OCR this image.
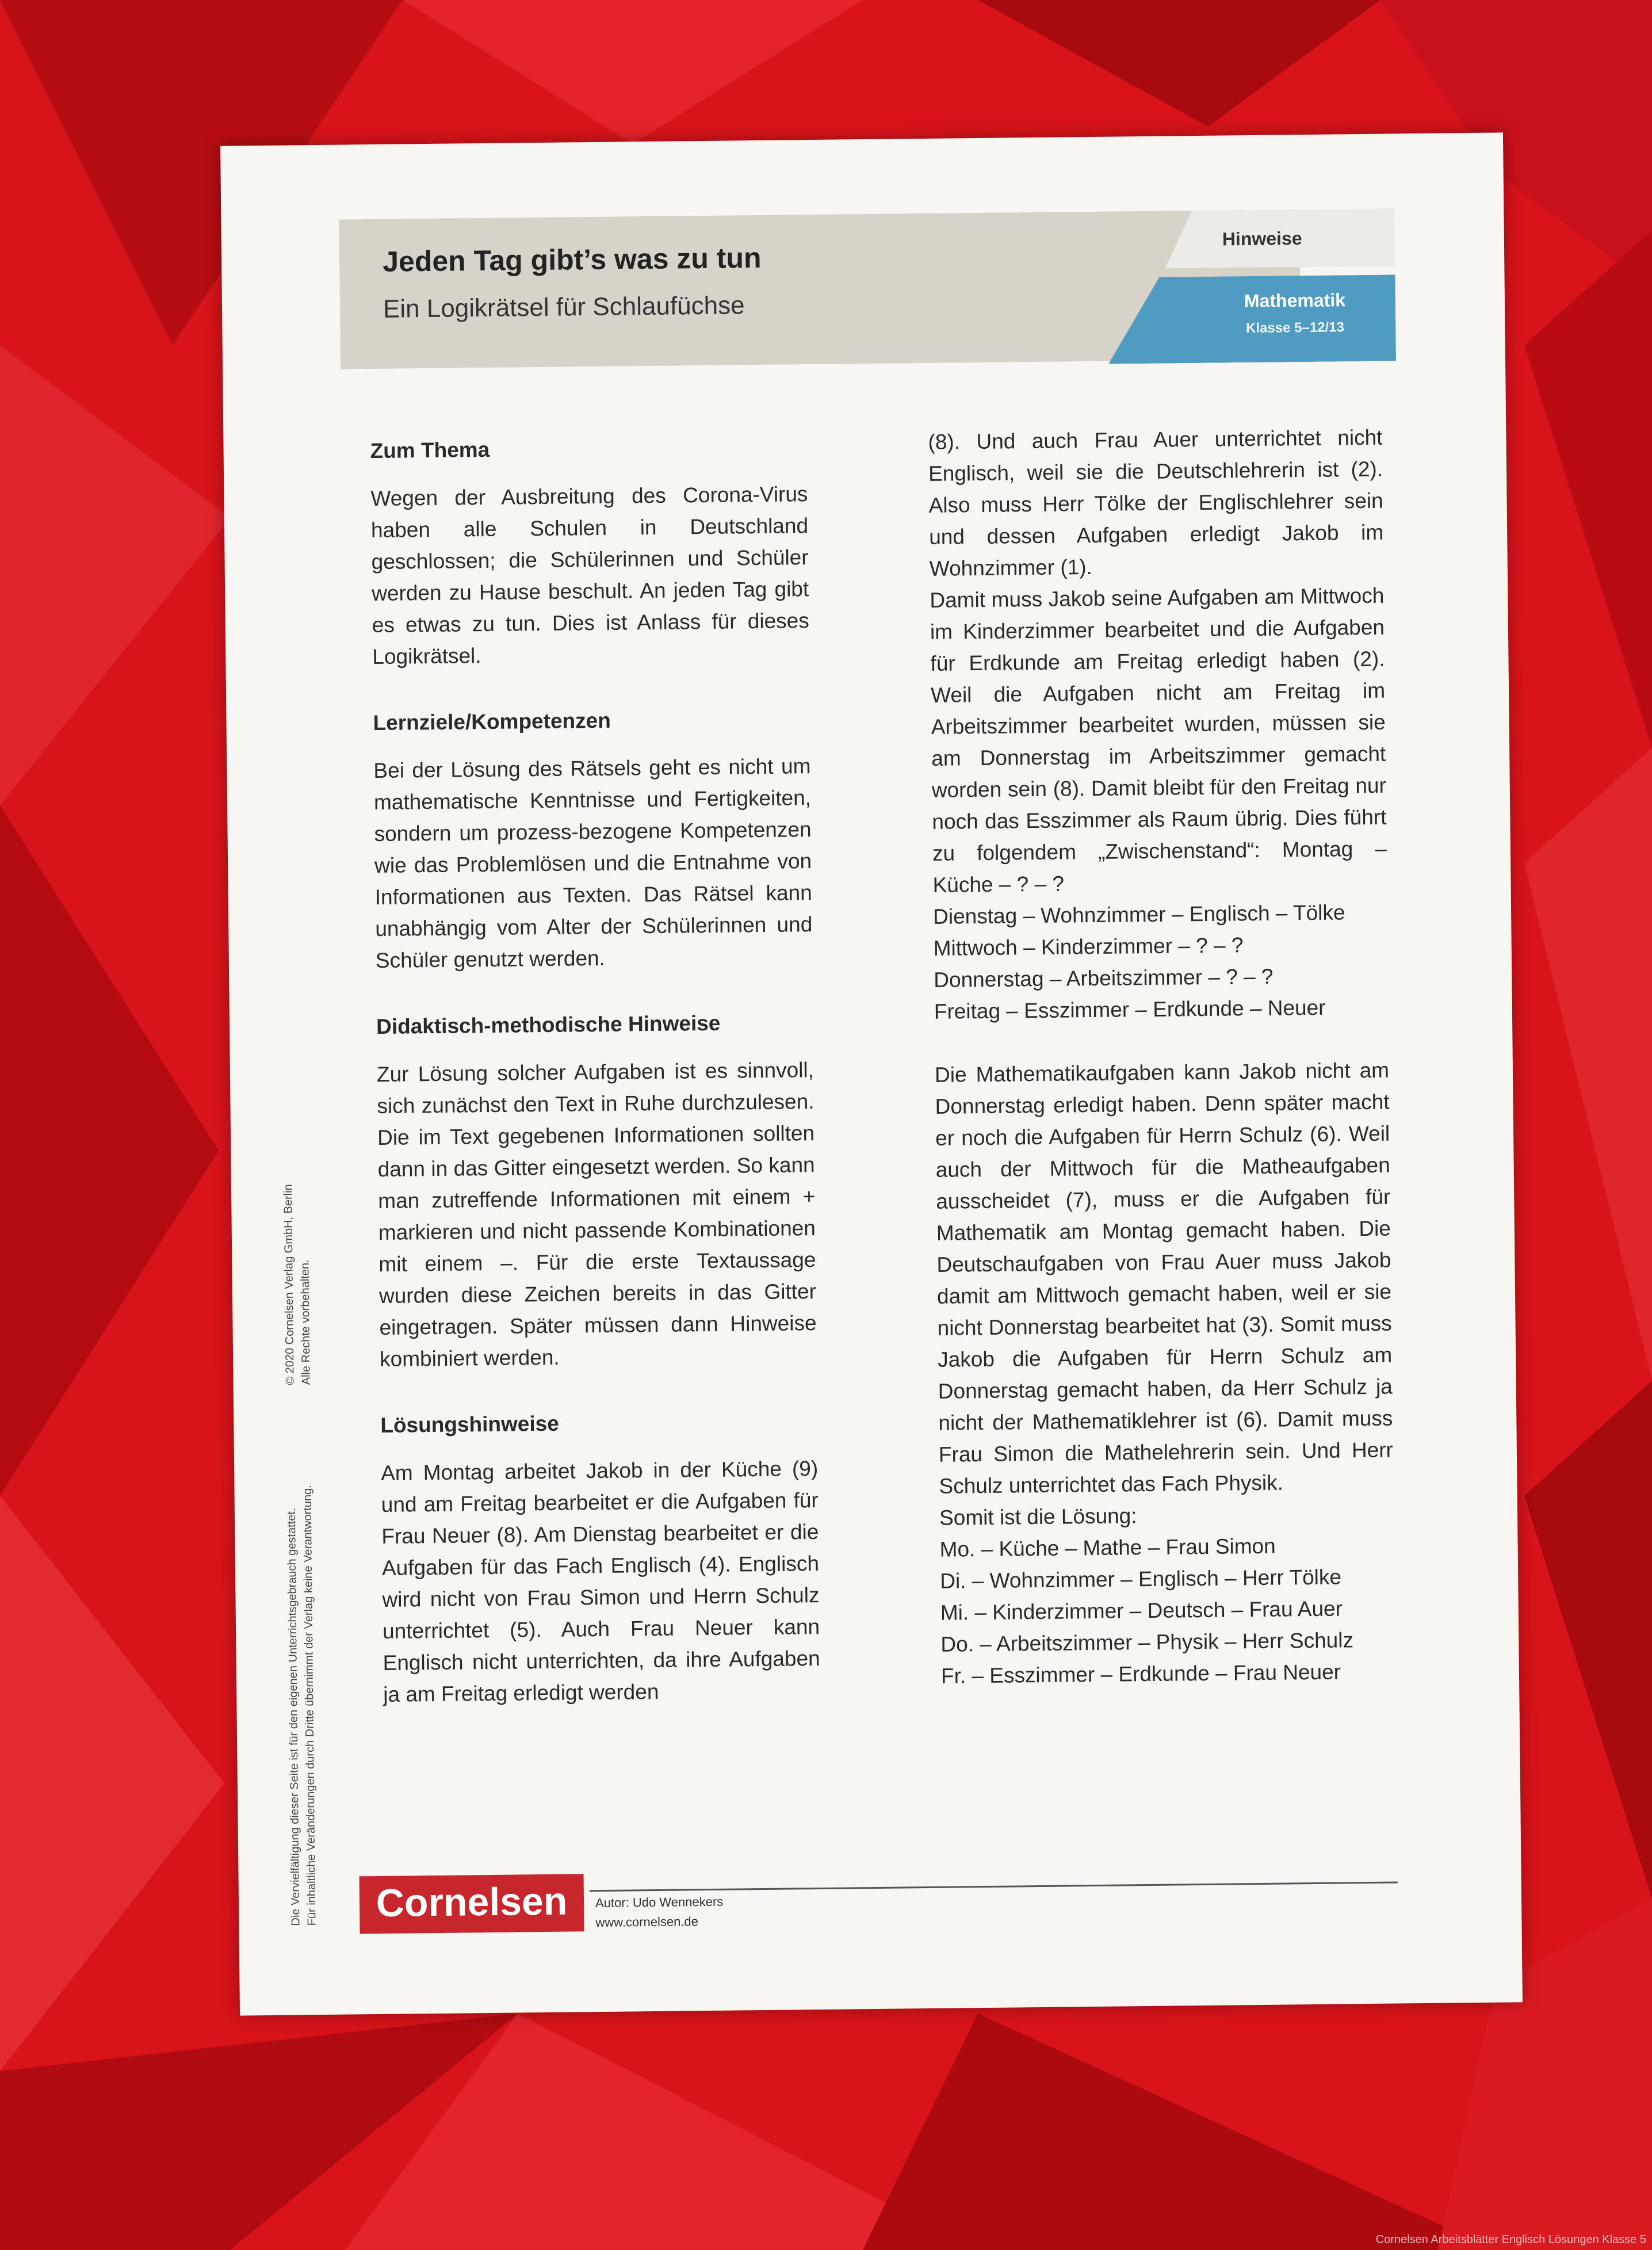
Jeden Tag gibt’s was zu tun
Ein Logikrätsel für Schlaufüchse
Hinweise
Mathematik
Klasse 5–12/13
Zum Thema
Wegen der Ausbreitung des Corona-Virus haben alle Schulen in Deutschland geschlossen; die Schülerinnen und Schüler werden zu Hause beschult. An jeden Tag gibt es etwas zu tun. Dies ist Anlass für dieses Logikrätsel.
Lernziele/Kompetenzen
Bei der Lösung des Rätsels geht es nicht um mathematische Kenntnisse und Fertigkeiten, sondern um prozess-bezogene Kompetenzen wie das Problemlösen und die Entnahme von Informationen aus Texten. Das Rätsel kann unabhängig vom Alter der Schülerinnen und Schüler genutzt werden.
Didaktisch-methodische Hinweise
Zur Lösung solcher Aufgaben ist es sinnvoll, sich zunächst den Text in Ruhe durchzulesen. Die im Text gegebenen Informationen sollten dann in das Gitter eingesetzt werden. So kann man zutreffende Informationen mit einem + markieren und nicht passende Kombinationen mit einem –. Für die erste Textaussage wurden diese Zeichen bereits in das Gitter eingetragen. Später müssen dann Hinweise kombiniert werden.
Lösungshinweise
Am Montag arbeitet Jakob in der Küche (9) und am Freitag bearbeitet er die Aufgaben für Frau Neuer (8). Am Dienstag bearbeitet er die Aufgaben für das Fach Englisch (4). Englisch wird nicht von Frau Simon und Herrn Schulz unterrichtet (5). Auch Frau Neuer kann Englisch nicht unterrichten, da ihre Aufgaben ja am Freitag erledigt werden
(8). Und auch Frau Auer unterrichtet nicht Englisch, weil sie die Deutschlehrerin ist (2). Also muss Herr Tölke der Englischlehrer sein und dessen Aufgaben erledigt Jakob im Wohnzimmer (1).
Damit muss Jakob seine Aufgaben am Mittwoch im Kinderzimmer bearbeitet und die Aufgaben für Erdkunde am Freitag erledigt haben (2). Weil die Aufgaben nicht am Freitag im Arbeitszimmer bearbeitet wurden, müssen sie am Donnerstag im Arbeitszimmer gemacht worden sein (8). Damit bleibt für den Freitag nur noch das Esszimmer als Raum übrig. Dies führt zu folgendem „Zwischenstand“: Montag – Küche – ? – ?
Dienstag – Wohnzimmer – Englisch – Tölke
Mittwoch – Kinderzimmer – ? – ?
Donnerstag – Arbeitszimmer – ? – ?
Freitag – Esszimmer – Erdkunde – Neuer
Die Mathematikaufgaben kann Jakob nicht am Donnerstag erledigt haben. Denn später macht er noch die Aufgaben für Herrn Schulz (6). Weil auch der Mittwoch für die Matheaufgaben ausscheidet (7), muss er die Aufgaben für Mathematik am Montag gemacht haben. Die Deutschaufgaben von Frau Auer muss Jakob damit am Mittwoch gemacht haben, weil er sie nicht Donnerstag bearbeitet hat (3). Somit muss Jakob die Aufgaben für Herrn Schulz am Donnerstag gemacht haben, da Herr Schulz ja nicht der Mathematiklehrer ist (6). Damit muss Frau Simon die Mathelehrerin sein. Und Herr Schulz unterrichtet das Fach Physik.
Somit ist die Lösung:
Mo. – Küche – Mathe – Frau Simon
Di. – Wohnzimmer – Englisch – Herr Tölke
Mi. – Kinderzimmer – Deutsch – Frau Auer
Do. – Arbeitszimmer – Physik – Herr Schulz
Fr. – Esszimmer – Erdkunde – Frau Neuer
© 2020 Cornelsen Verlag GmbH, Berlin Alle Rechte vorbehalten.
Die Vervielfältigung dieser Seite ist für den eigenen Unterrichtsgebrauch gestattet.
Für inhaltliche Veränderungen durch Dritte übernimmt der Verlag keine Verantwortung.	Cornelsen	Autor: Udo Wennekers
www.cornelsen.de
Cornelsen Arbeitsblätter Englisch Lösungen Klasse 5
